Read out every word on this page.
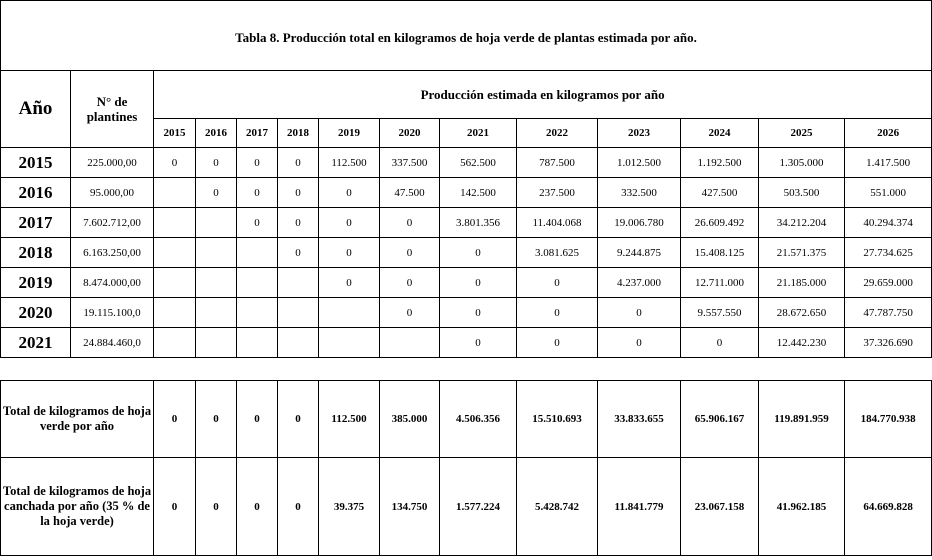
Tabla 8. Producción total en kilogramos de hoja verde de plantas estimada por año.
Año	N° de plantines	Producción estimada en kilogramos por año											
		2015	2016	2017	2018	2019	2020	2021	2022	2023	2024	2025	2026
2015	225.000,00	0	0	0	0	112.500	337.500	562.500	787.500	1.012.500	1.192.500	1.305.000	1.417.500
2016	95.000,00		0	0	0	0	47.500	142.500	237.500	332.500	427.500	503.500	551.000
2017	7.602.712,00			0	0	0	0	3.801.356	11.404.068	19.006.780	26.609.492	34.212.204	40.294.374
2018	6.163.250,00				0	0	0	0	3.081.625	9.244.875	15.408.125	21.571.375	27.734.625
2019	8.474.000,00					0	0	0	0	4.237.000	12.711.000	21.185.000	29.659.000
2020	19.115.100,0						0	0	0	0	9.557.550	28.672.650	47.787.750
2021	24.884.460,0							0	0	0	0	12.442.230	37.326.690

Total de kilogramos de hoja verde por año		0	0	0	0	112.500	385.000	4.506.356	15.510.693	33.833.655	65.906.167	119.891.959	184.770.938
Total de kilogramos de hoja canchada por año (35 % de la hoja verde)		0	0	0	0	39.375	134.750	1.577.224	5.428.742	11.841.779	23.067.158	41.962.185	64.669.828
